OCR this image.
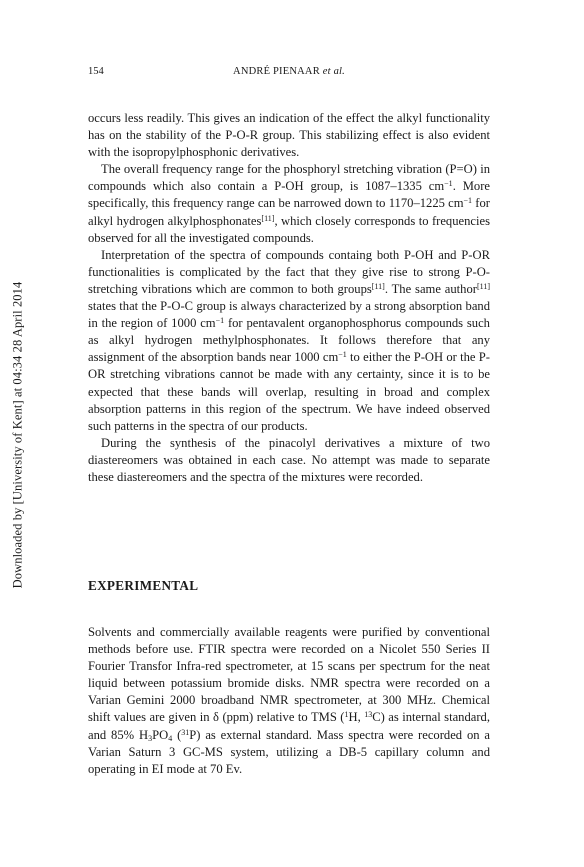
154	ANDRÉ PIENAAR et al.
Downloaded by [University of Kent] at 04:34 28 April 2014

occurs less readily. This gives an indication of the effect the alkyl functionality has on the stability of the P-O-R group. This stabilizing effect is also evident with the isopropylphosphonic derivatives.

The overall frequency range for the phosphoryl stretching vibration (P=O) in compounds which also contain a P-OH group, is 1087–1335 $cm^{-1}$. More specifically, this frequency range can be narrowed down to 1170–1225 $cm^{-1}$ for alkyl hydrogen alkylphosphonates[11], which closely corresponds to frequencies observed for all the investigated compounds.

Interpretation of the spectra of compounds containg both P-OH and P-OR functionalities is complicated by the fact that they give rise to strong P-O- stretching vibrations which are common to both groups[11]. The same author[11] states that the P-O-C group is always characterized by a strong absorption band in the region of 1000 $cm^{-1}$ for pentavalent organophosphorus compounds such as alkyl hydrogen methylphosphonates. It follows therefore that any assignment of the absorption bands near 1000 $cm^{-1}$ to either the P-OH or the P-OR stretching vibrations cannot be made with any certainty, since it is to be expected that these bands will overlap, resulting in broad and complex absorption patterns in this region of the spectrum. We have indeed observed such patterns in the spectra of our products.

During the synthesis of the pinacolyl derivatives a mixture of two diastereomers was obtained in each case. No attempt was made to separate these diastereomers and the spectra of the mixtures were recorded.

EXPERIMENTAL

Solvents and commercially available reagents were purified by conventional methods before use. FTIR spectra were recorded on a Nicolet 550 Series II Fourier Transfor Infra-red spectrometer, at 15 scans per spectrum for the neat liquid between potassium bromide disks. NMR spectra were recorded on a Varian Gemini 2000 broadband NMR spectrometer, at 300 MHz. Chemical shift values are given in δ (ppm) relative to TMS ($^1$H, $^{13}$C) as internal standard, and 85% $H_3PO_4$ ($^{31}$P) as external standard. Mass spectra were recorded on a Varian Saturn 3 GC-MS system, utilizing a DB-5 capillary column and operating in EI mode at 70 Ev.
